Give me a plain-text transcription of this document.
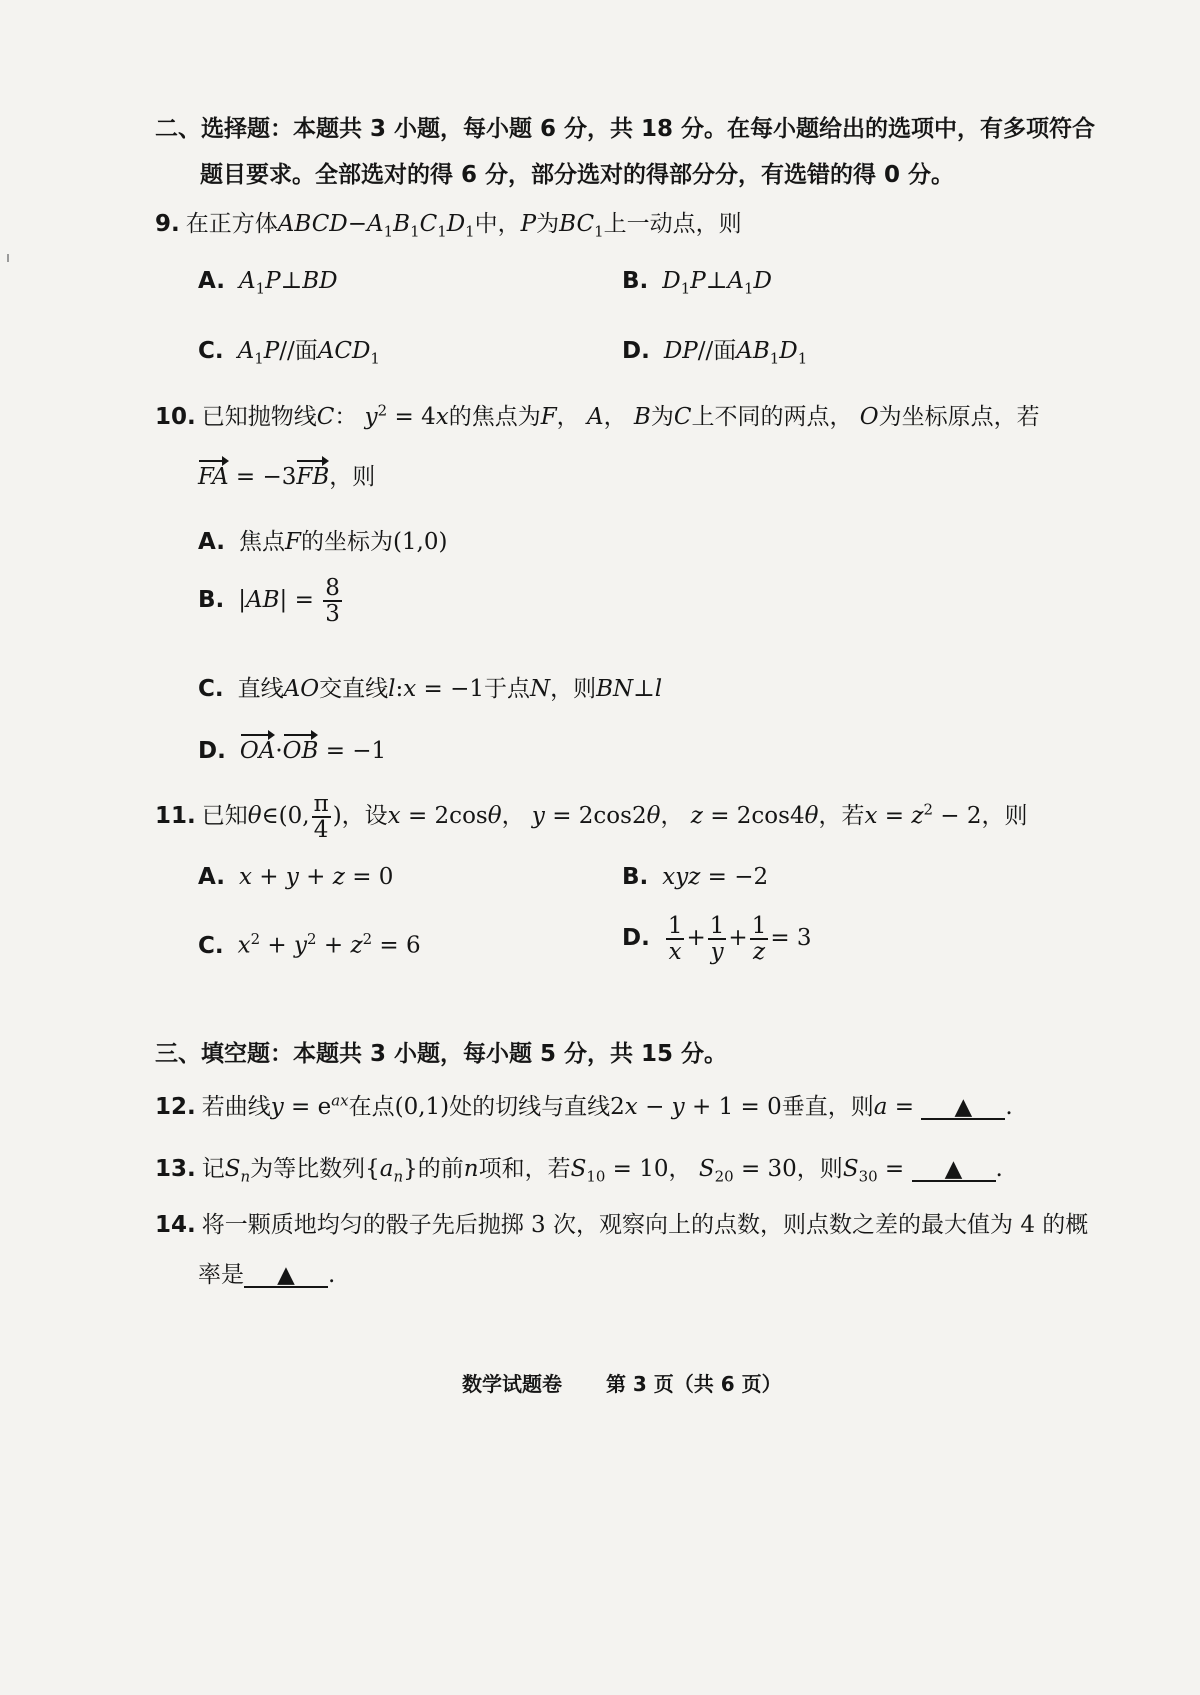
二、选择题：本题共 3 小题，每小题 6 分，共 18 分。在每小题给出的选项中，有多项符合
题目要求。全部选对的得 6 分，部分选对的得部分分，有选错的得 0 分。
9. 在正方体$ABCD-A_1B_1C_1D_1$中，P为$BC_1$上一动点，则
A. $A_1P\perp BD$	B. $D_1P\perp A_1D$
C. $A_1P//$面$ACD_1$	D. DP//面$AB_1D_1$
10. 已知抛物线C： $y^2 = 4x$的焦点为F， A， B为C上不同的两点， O为坐标原点，若
FA = −3FB，则
A. 焦点F的坐标为(1,0)
B. $|AB| = \frac{8}{3}$
C. 直线AO交直线l:x = −1于点N，则BN⊥l
D. OA·OB = −1
11. 已知θ∈(0, $\frac{\pi}{4}$ )，设x = 2cosθ， y = 2cos2θ， z = 2cos4θ，若$x = z^2 - 2$，则
A. x + y + z = 0	B. xyz = −2
C. $x^2 + y^2 + z^2 = 6$	D. $\frac{1}{x} + \frac{1}{y} + \frac{1}{z} = 3$
三、填空题：本题共 3 小题，每小题 5 分，共 15 分。
12. 若曲线$y = e^{ax}$在点(0,1)处的切线与直线2x − y + 1 = 0垂直，则a = ▲ .
13. 记$S_n$为等比数列$\{a_n\}$的前n项和，若$S_{10} = 10$， $S_{20} = 30$，则$S_{30}$ = ▲ .
14. 将一颗质地均匀的骰子先后抛掷 3 次，观察向上的点数，则点数之差的最大值为 4 的概
率是 ▲ .
数学试题卷 第 3 页（共 6 页）
